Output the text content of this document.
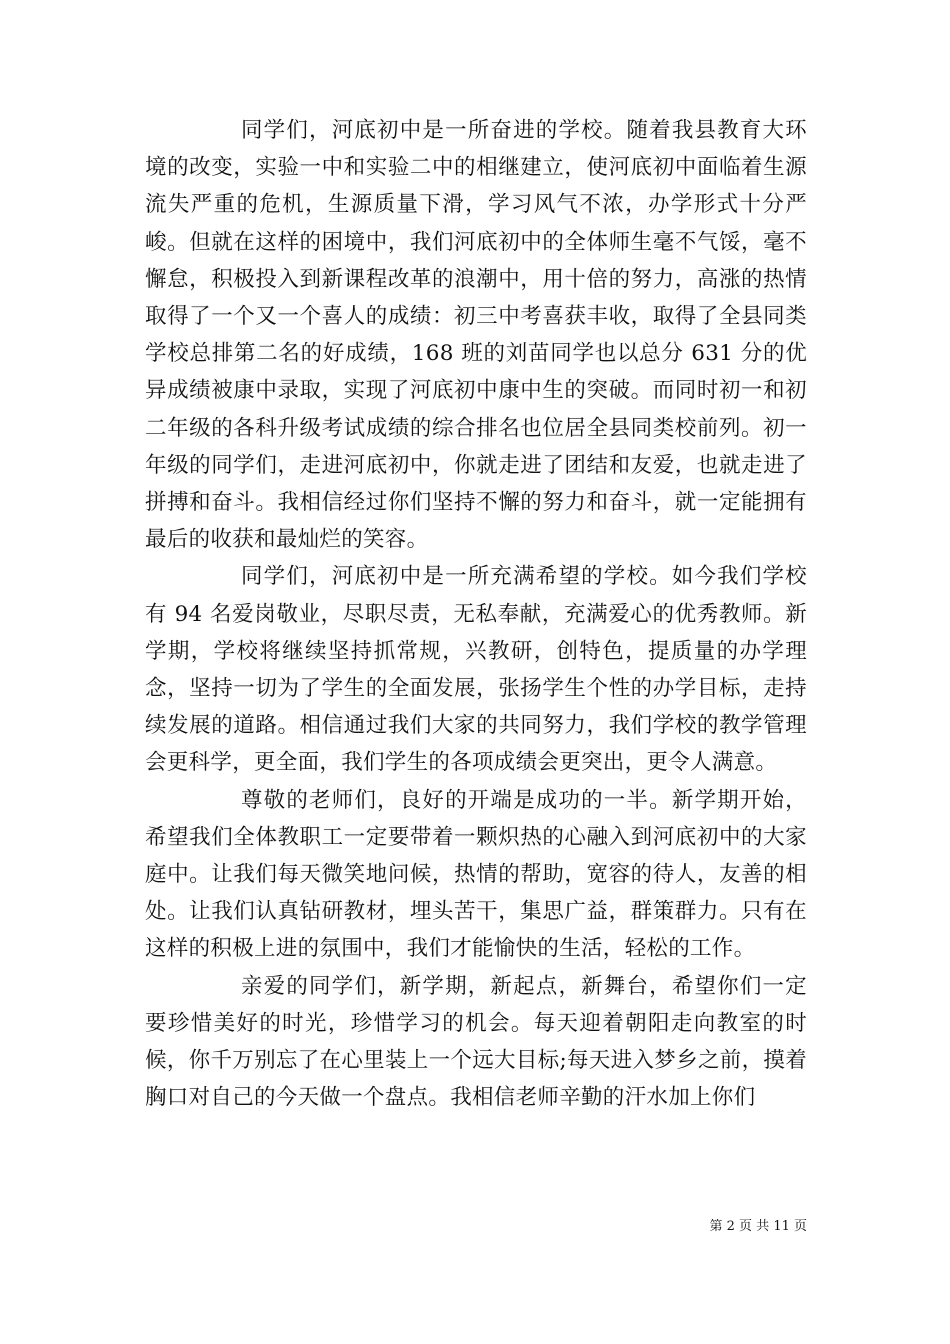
同学们，河底初中是一所奋进的学校。随着我县教育大环境的改变，实验一中和实验二中的相继建立，使河底初中面临着生源流失严重的危机，生源质量下滑，学习风气不浓，办学形式十分严峻。但就在这样的困境中，我们河底初中的全体师生毫不气馁，毫不懈怠，积极投入到新课程改革的浪潮中，用十倍的努力，高涨的热情取得了一个又一个喜人的成绩：初三中考喜获丰收，取得了全县同类学校总排第二名的好成绩，168 班的刘苗同学也以总分 631 分的优异成绩被康中录取，实现了河底初中康中生的突破。而同时初一和初二年级的各科升级考试成绩的综合排名也位居全县同类校前列。初一年级的同学们，走进河底初中，你就走进了团结和友爱，也就走进了拼搏和奋斗。我相信经过你们坚持不懈的努力和奋斗，就一定能拥有最后的收获和最灿烂的笑容。

同学们，河底初中是一所充满希望的学校。如今我们学校有 94 名爱岗敬业，尽职尽责，无私奉献，充满爱心的优秀教师。新学期，学校将继续坚持抓常规，兴教研，创特色，提质量的办学理念，坚持一切为了学生的全面发展，张扬学生个性的办学目标，走持续发展的道路。相信通过我们大家的共同努力，我们学校的教学管理会更科学，更全面，我们学生的各项成绩会更突出，更令人满意。

尊敬的老师们，良好的开端是成功的一半。新学期开始，希望我们全体教职工一定要带着一颗炽热的心融入到河底初中的大家庭中。让我们每天微笑地问候，热情的帮助，宽容的待人，友善的相处。让我们认真钻研教材，埋头苦干，集思广益，群策群力。只有在这样的积极上进的氛围中，我们才能愉快的生活，轻松的工作。

亲爱的同学们，新学期，新起点，新舞台，希望你们一定要珍惜美好的时光，珍惜学习的机会。每天迎着朝阳走向教室的时候，你千万别忘了在心里装上一个远大目标;每天进入梦乡之前，摸着胸口对自己的今天做一个盘点。我相信老师辛勤的汗水加上你们

第 2 页 共 11 页
